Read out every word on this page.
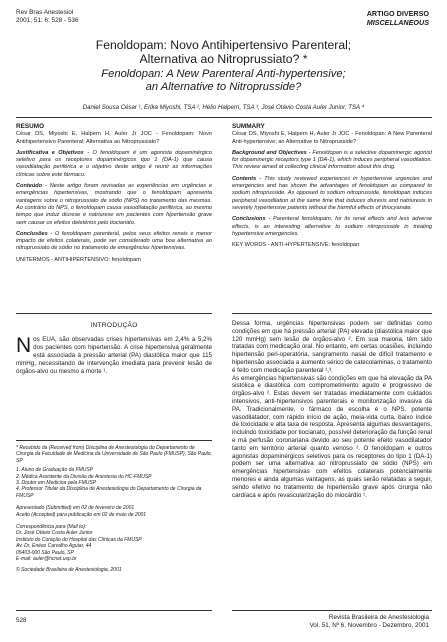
Rev Bras Anestesiol
2001; 51: 6: 528 - 536
ARTIGO DIVERSO
MISCELLANEOUS
Fenoldopam: Novo Antihipertensivo Parenteral;
Alternativa ao Nitroprussiato? *
Fenoldopan: A New Parenteral Anti-hypertensive;
an Alternative to Nitroprusside?
Daniel Sousa César ¹, Erika Miyoshi, TSA ², Hélio Halpern, TSA ³, José Otávio Costa Auler Junior, TSA ⁴
RESUMO

César DS, Miyoshi E, Halpern H, Auler Jr JOC - Fenoldopam: Novo Antihipertensivo Parenteral; Alternativa ao Nitroprussiato?

Justificativa e Objetivos - O fenoldopam é um agonista dopaminérgico seletivo para os receptores dopaminérgicos tipo 1 (DA-1) que causa vasodilatação periférica e o objetivo deste artigo é reunir as informações clínicas sobre este fármaco.

Conteúdo - Neste artigo foram revisadas as experiências em urgências e emergências hipertensivas, mostrando que o fenoldopam apresenta vantagens sobre o nitroprussiato de sódio (NPS) no tratamento das mesmas. Ao contrário do NPS, o fenoldopam causa vasodilatação periférica, ao mesmo tempo que induz diurese e natriurese em pacientes com hipertensão grave sem causar os efeitos deletérios pelo tiocianato.

Conclusões - O fenoldopam parenteral, pelos seus efeitos renais e menor impacto de efeitos colaterais, pode ser considerado uma boa alternativa ao nitroprussiato de sódio no tratamento de emergências hipertensivas.

UNITERMOS - ANTIHIPERTENSIVO: fenoldopam

SUMMARY

César DS, Miyoshi E, Halpern H, Auler Jr JOC - Fenoldopan: A New Parenteral Anti-hypertensive; an Alternative to Nitroprusside?

Background and Objectives - Fenoldopan is a selective dopaminergic agonist for dopaminergic receptors type 1 (DA-1), which induces peripheral vasodilation. This review aimed at collecting clinical information about this drug.

Contents - This study reviewed experiences in hypertensive urgencies and emergencies and has shown the advantages of fenoldopam as compared to sodium nitroprusside. As opposed to sodium nitroprusside, fenoldopan induces peripheral vasodilation at the same time that induces diuresis and natriuresis in severely hypertensive patients without the harmful effects of thiocyanate.

Conclusions - Parenteral fenoldopam, for its renal effects and less adverse effects, is an interesting alternative to sodium nitroprusside in treating hypertensive emergencies.

KEY WORDS - ANTI-HYPERTENSIVE: fenoldopan

INTRODUÇÃO
Nos EUA, são observadas crises hipertensivas em 2,4% a 5,2% dos pacientes com hipertensão. A crise hipertensiva geralmente está associada à pressão arterial (PA) diastólica maior que 115 mmHg, necessitando de intervenção imediata para prevenir lesão de órgãos-alvo ou mesmo a morte ¹.

* Recebido da (Received from) Disciplina de Anestesiologia do Departamento de Cirurgia da Faculdade de Medicina da Universidade de São Paulo (FMUSP), São Paulo, SP

1. Aluno de Graduação da FMUSP
2. Médica Assistente da Divisão de Anestesia do HC-FMUSP
3. Doutor em Medicina pela FMUSP
4. Professor Titular da Disciplina de Anestesiologia do Departamento de Cirurgia da FMUSP

Apresentado (Submitted) em 02 de fevereiro de 2001
Aceito (Accepted) para publicação em 02 de maio de 2001

Correspondência para (Mail to):
Dr. José Otávio Costa Auler Junior
Instituto do Coração do Hospital das Clínicas da FMUSP
Av. Dr. Enéas Carvalho Aguiar, 44
05403-000 São Paulo, SP
E-mail: auler@hcnet.usp.br

© Sociedade Brasileira de Anestesiologia, 2001

Dessa forma, urgências hipertensivas podem ser definidas como condições em que há pressão arterial (PA) elevada (diastólica maior que 120 mmHg) sem lesão de órgãos-alvo ². Em sua maioria, têm sido tratadas com medicação oral. No entanto, em certas ocasiões, incluindo hipertensão peri-operatória, sangramento nasal de difícil tratamento e hipertensão associada a aumento sérico de catecolaminas, o tratamento é feito com medicação parenteral ¹,³.

As emergências hipertensivas são condições em que há elevação da PA sistólica e diastólica com comprometimento agudo e progressivo de órgãos-alvo ². Estas devem ser tratadas imediatamente com cuidados intensivos, anti-hipertensivos parenterais e monitorização invasiva da PA. Tradicionalmente, o fármaco de escolha é o NPS, potente vasodilatador, com rápido início de ação, meia-vida curta, baixo índice de toxicidade e alta taxa de resposta. Apresenta algumas desvantagens, incluindo toxicidade por tiocianato, possível deterioração da função renal e má perfusão coronariana devido ao seu potente efeito vasodilatador tanto em território arterial quanto venoso ². O fenoldopam e outros agonistas dopaminérgicos seletivos para os receptores do tipo 1 (DA-1) podem ser uma alternativa ao nitroprussiato de sódio (NPS) em emergências hipertensivas com efeitos colaterais potencialmente menores e ainda algumas vantagens, as quais serão relatadas a seguir, sendo efetivo no tratamento de hipertensão grave após cirurgia não cardíaca e após revascularização do miocárdio ¹.

528	Revista Brasileira de Anestesiologia
Vol. 51, Nº 6, Novembro - Dezembro, 2001
